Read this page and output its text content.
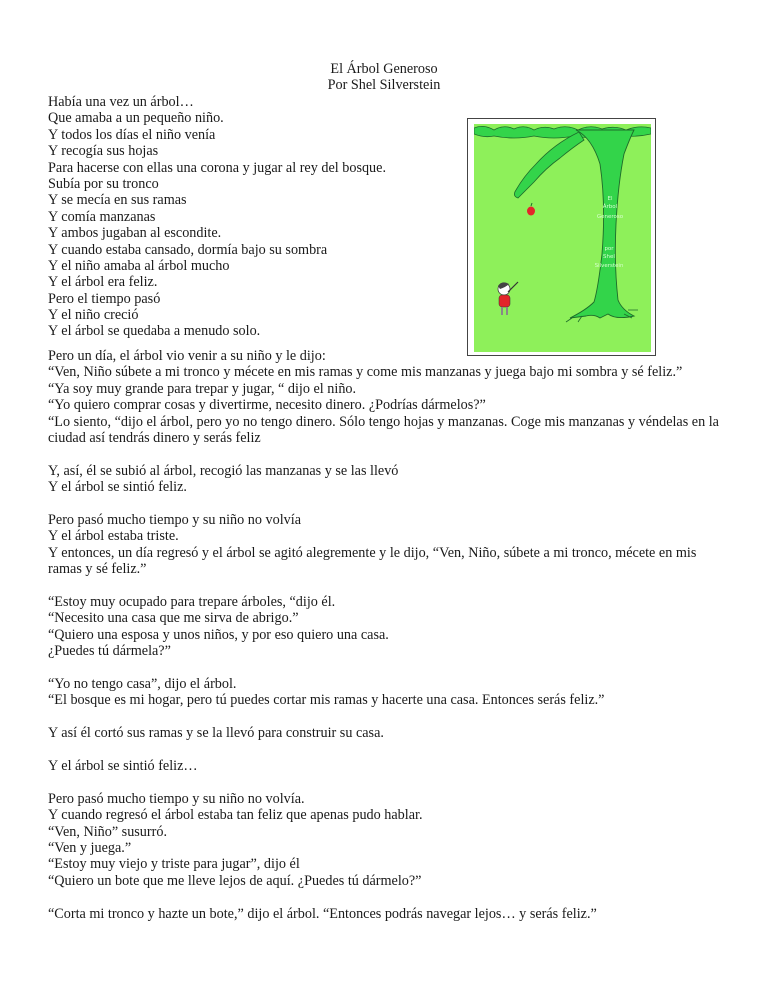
El Árbol Generoso
Por Shel Silverstein
Había una vez un árbol…
Que amaba a un pequeño niño.
Y todos los días el niño venía
Y recogía sus hojas
Para hacerse con ellas una corona y jugar al rey del bosque.
Subía por su tronco
Y se mecía en sus ramas
Y comía manzanas
Y ambos jugaban al escondite.
Y cuando estaba cansado, dormía bajo su sombra
Y el niño amaba al árbol mucho
Y el árbol era feliz.
Pero el tiempo pasó
Y el niño creció
Y el árbol se quedaba a menudo solo.
El
Árbol
Generoso
por
Shel
Silverstein
Pero un día, el árbol vio venir a su niño y le dijo:
“Ven, Niño súbete a mi tronco y mécete en mis ramas y come mis manzanas y juega bajo mi sombra y sé feliz.”
“Ya soy muy grande para trepar y jugar, “ dijo el niño.
“Yo quiero comprar cosas y divertirme, necesito dinero. ¿Podrías dármelos?”
“Lo siento, “dijo el árbol, pero yo no tengo dinero. Sólo tengo hojas y manzanas. Coge mis manzanas y véndelas en la ciudad así tendrás dinero y serás feliz
Y, así, él se subió al árbol, recogió las manzanas y se las llevó
Y el árbol se sintió feliz.
Pero pasó mucho tiempo y su niño no volvía
Y el árbol estaba triste.
Y entonces, un día regresó y el árbol se agitó alegremente y le dijo, “Ven, Niño, súbete a mi tronco, mécete en mis ramas y sé feliz.”
“Estoy muy ocupado para trepare árboles, “dijo él.
“Necesito una casa que me sirva de abrigo.”
“Quiero una esposa y unos niños, y por eso quiero una casa.
¿Puedes tú dármela?”
“Yo no tengo casa”, dijo el árbol.
“El bosque es mi hogar, pero tú puedes cortar mis ramas y hacerte una casa. Entonces serás feliz.”
Y así él cortó sus ramas y se la llevó para construir su casa.
Y el árbol se sintió feliz…
Pero pasó mucho tiempo y su niño no volvía.
Y cuando regresó el árbol estaba tan feliz que apenas pudo hablar.
“Ven, Niño” susurró.
“Ven y juega.”
“Estoy muy viejo y triste para jugar”, dijo él
“Quiero un bote que me lleve lejos de aquí. ¿Puedes tú dármelo?”
“Corta mi tronco y hazte un bote,” dijo el árbol. “Entonces podrás navegar lejos… y serás feliz.”
